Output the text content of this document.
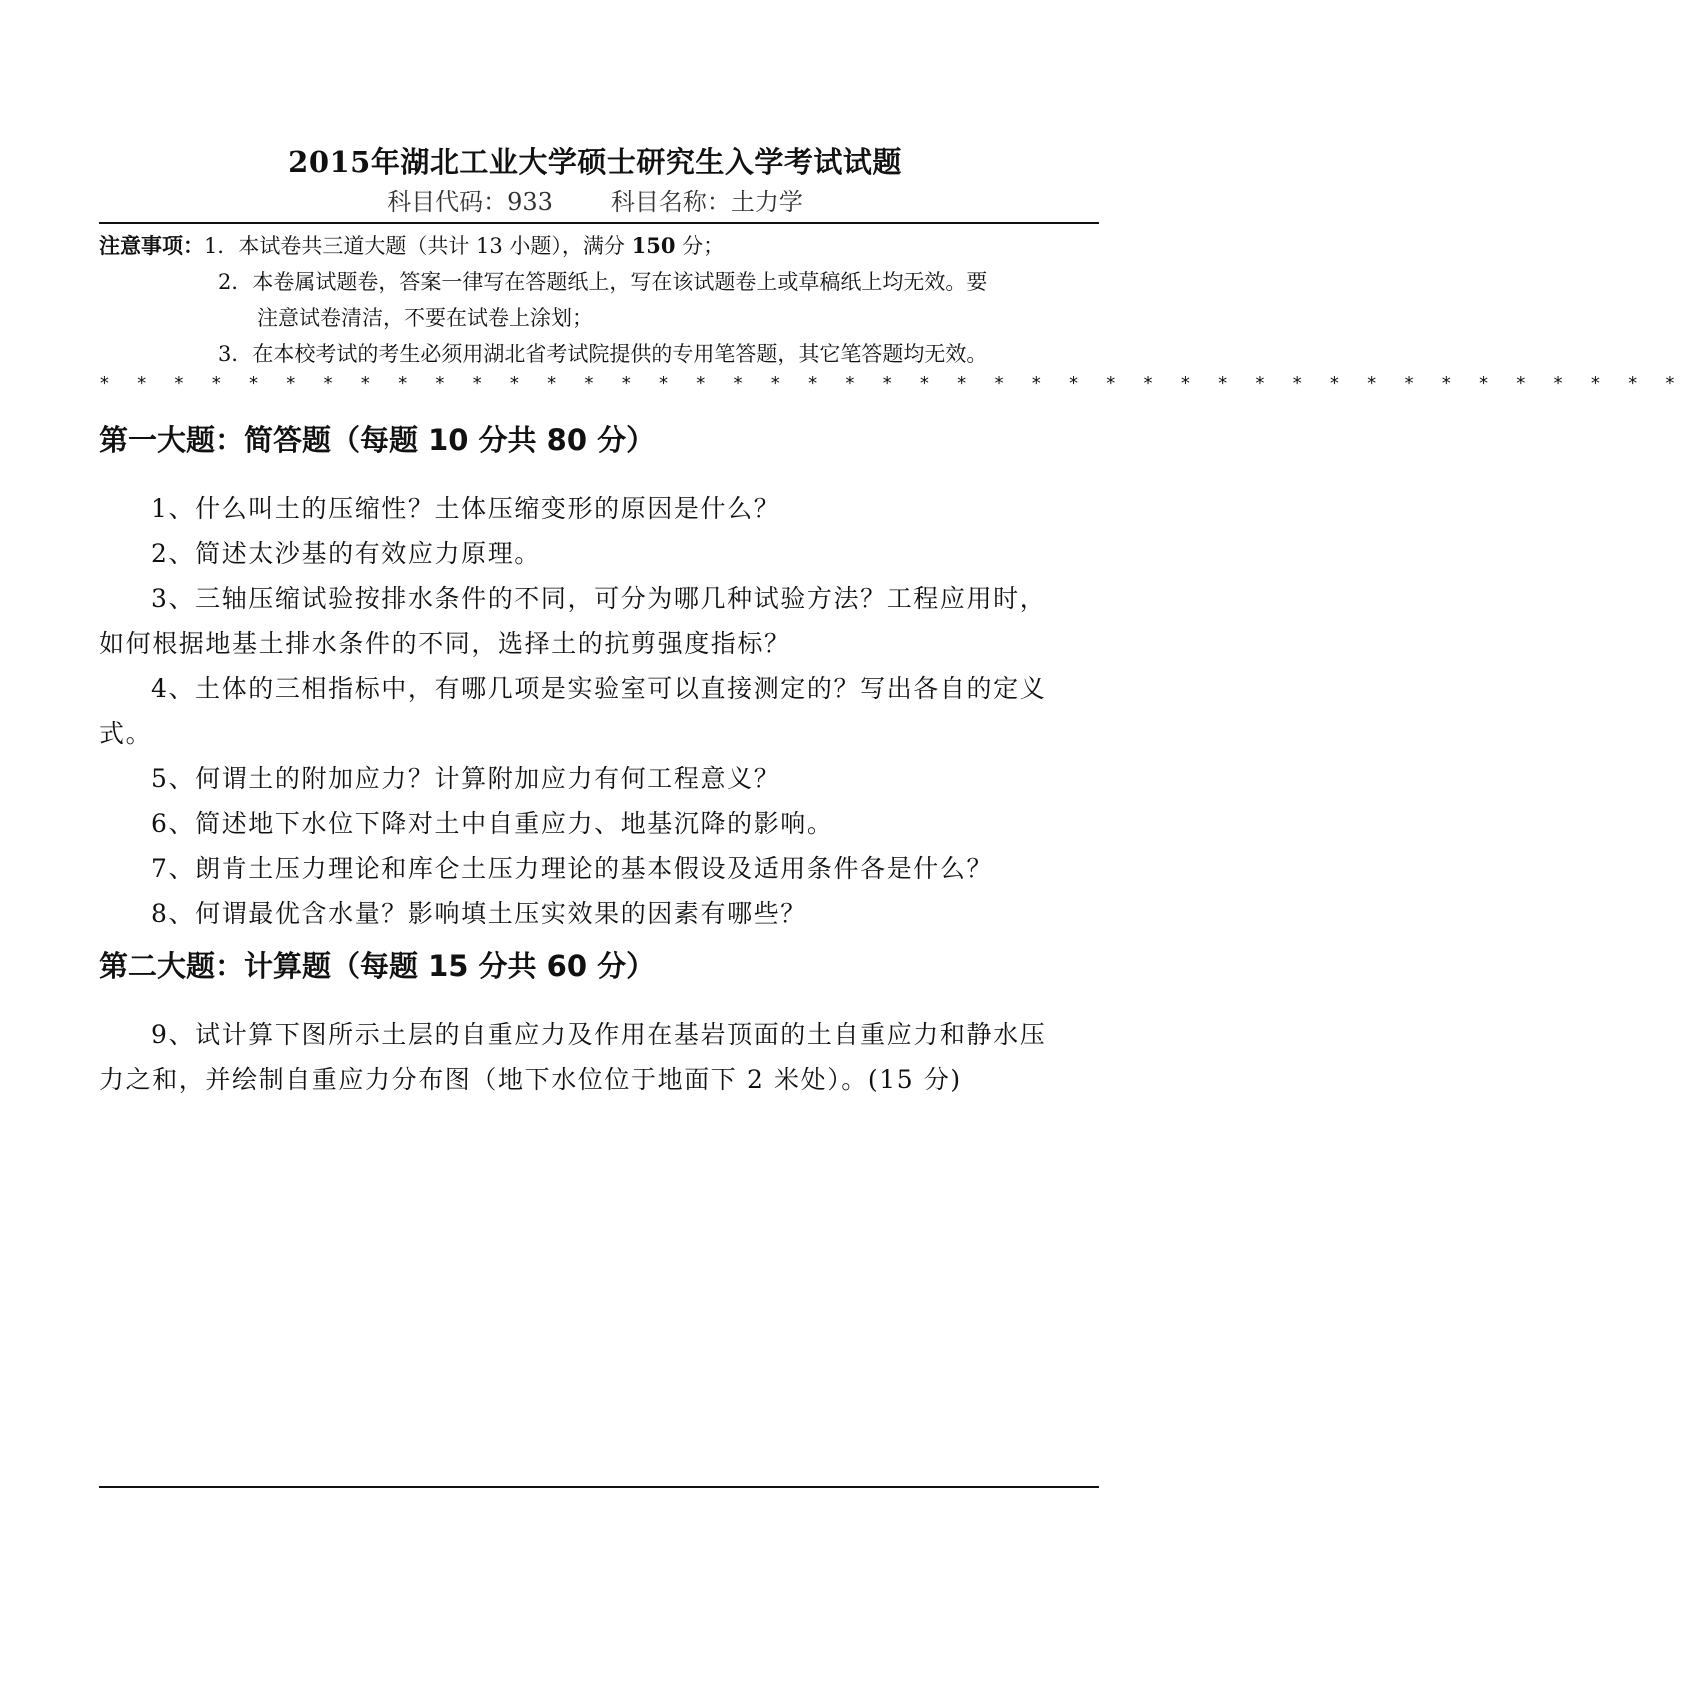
2015年湖北工业大学硕士研究生入学考试试题
科目代码：933 科目名称：土力学
注意事项：1．本试卷共三道大题（共计 13 小题），满分 150 分；
2．本卷属试题卷，答案一律写在答题纸上，写在该试题卷上或草稿纸上均无效。要
注意试卷清洁，不要在试卷上涂划；
3．在本校考试的考生必须用湖北省考试院提供的专用笔答题，其它笔答题均无效。
* * * * * * * * * * * * * * * * * * * * * * * * * * * * * * * * * * * * * * * * * * *
第一大题：简答题（每题 10 分共 80 分）
1、什么叫土的压缩性？土体压缩变形的原因是什么？
2、简述太沙基的有效应力原理。
3、三轴压缩试验按排水条件的不同，可分为哪几种试验方法？工程应用时，
如何根据地基土排水条件的不同，选择土的抗剪强度指标？
4、土体的三相指标中，有哪几项是实验室可以直接测定的？写出各自的定义
式。
5、何谓土的附加应力？计算附加应力有何工程意义？
6、简述地下水位下降对土中自重应力、地基沉降的影响。
7、朗肯土压力理论和库仑土压力理论的基本假设及适用条件各是什么？
8、何谓最优含水量？影响填土压实效果的因素有哪些？
第二大题：计算题（每题 15 分共 60 分）
9、试计算下图所示土层的自重应力及作用在基岩顶面的土自重应力和静水压
力之和，并绘制自重应力分布图（地下水位位于地面下 2 米处）。(15 分)
